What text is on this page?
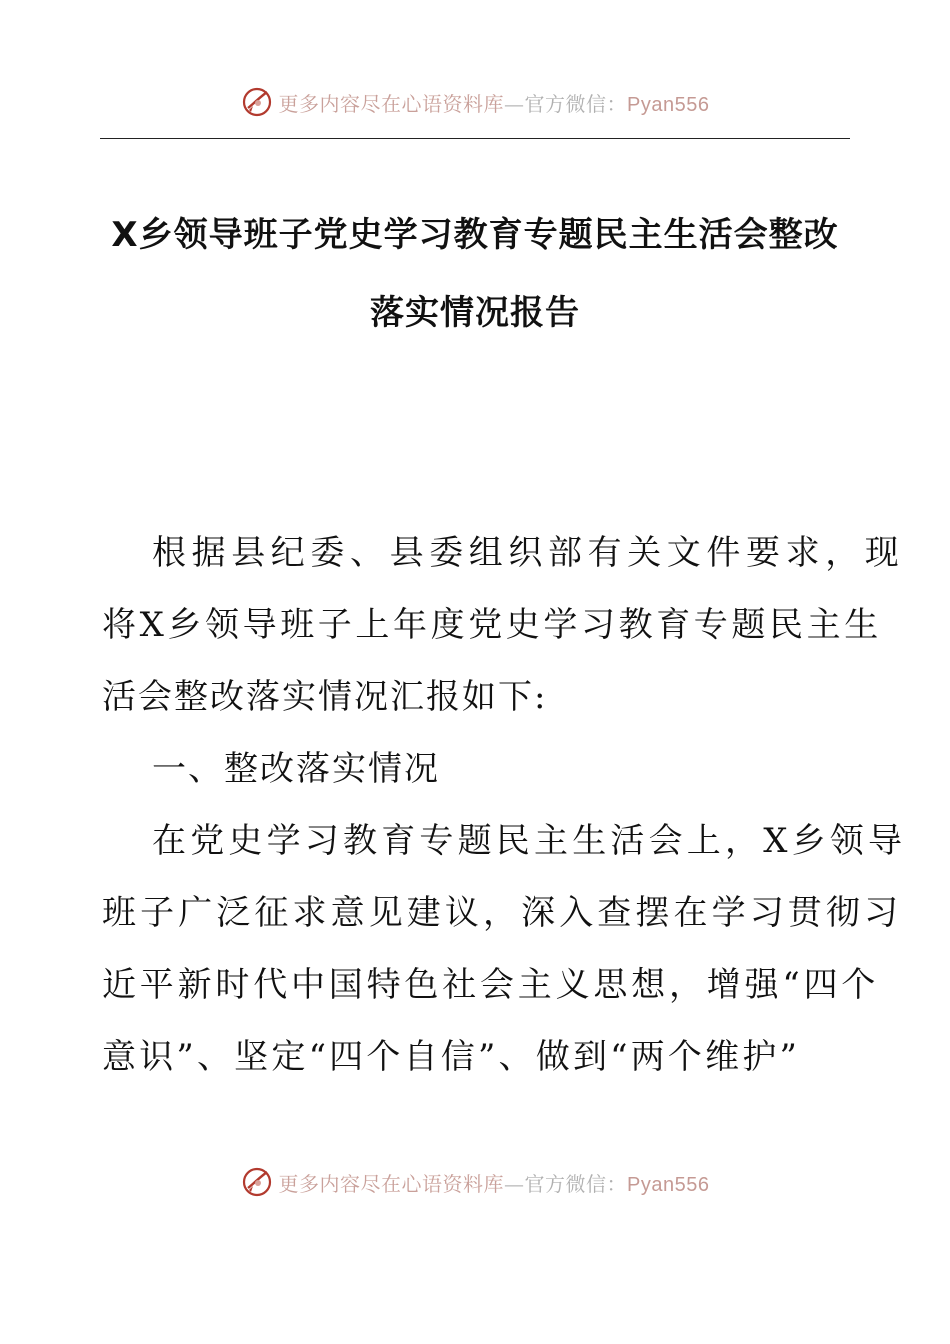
更多内容尽在心语资料库—官方微信：Pyan556
X乡领导班子党史学习教育专题民主生活会整改
落实情况报告
根据县纪委、县委组织部有关文件要求，现
将X乡领导班子上年度党史学习教育专题民主生
活会整改落实情况汇报如下:
一、整改落实情况
在党史学习教育专题民主生活会上，X乡领导
班子广泛征求意见建议，深入查摆在学习贯彻习
近平新时代中国特色社会主义思想，增强“四个
意识”、坚定“四个自信”、做到“两个维护”
更多内容尽在心语资料库—官方微信：Pyan556
